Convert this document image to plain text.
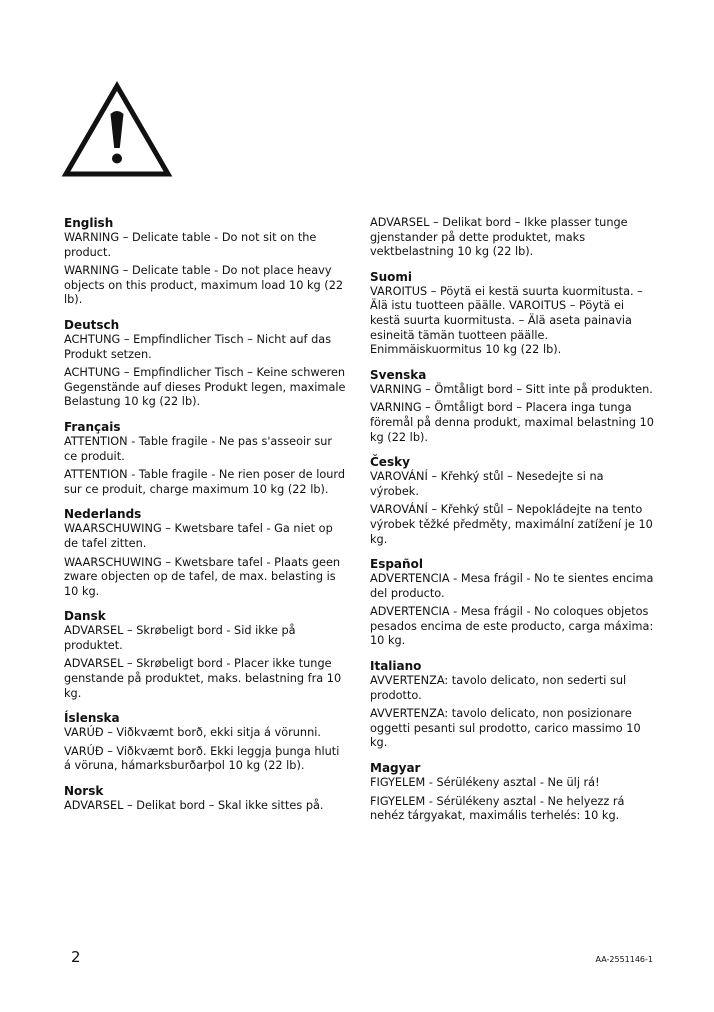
English

WARNING – Delicate table - Do not sit on the product.

WARNING – Delicate table - Do not place heavy objects on this product, maximum load 10 kg (22 lb).

Deutsch

ACHTUNG – Empfindlicher Tisch – Nicht auf das Produkt setzen.

ACHTUNG – Empfindlicher Tisch – Keine schweren Gegenstände auf dieses Produkt legen, maximale Belastung 10 kg (22 lb).

Français

ATTENTION - Table fragile - Ne pas s'asseoir sur ce produit.

ATTENTION - Table fragile - Ne rien poser de lourd sur ce produit, charge maximum 10 kg (22 lb).

Nederlands

WAARSCHUWING – Kwetsbare tafel - Ga niet op de tafel zitten.

WAARSCHUWING – Kwetsbare tafel - Plaats geen zware objecten op de tafel, de max. belasting is 10 kg.

Dansk

ADVARSEL – Skrøbeligt bord - Sid ikke på produktet.

ADVARSEL – Skrøbeligt bord - Placer ikke tunge genstande på produktet, maks. belastning fra 10 kg.

Íslenska

VARÚÐ – Viðkvæmt borð, ekki sitja á vörunni.

VARÚÐ – Viðkvæmt borð. Ekki leggja þunga hluti á vöruna, hámarksburðarþol 10 kg (22 lb).

Norsk

ADVARSEL – Delikat bord – Skal ikke sittes på.

ADVARSEL – Delikat bord – Ikke plasser tunge gjenstander på dette produktet, maks vektbelastning 10 kg (22 lb).

Suomi

VAROITUS – Pöytä ei kestä suurta kuormitusta. – Älä istu tuotteen päälle. VAROITUS – Pöytä ei kestä suurta kuormitusta. – Älä aseta painavia esineitä tämän tuotteen päälle. Enimmäiskuormitus 10 kg (22 lb).

Svenska

VARNING – Ömtåligt bord – Sitt inte på produkten.

VARNING – Ömtåligt bord – Placera inga tunga föremål på denna produkt, maximal belastning 10 kg (22 lb).

Česky

VAROVÁNÍ – Křehký stůl – Nesedejte si na výrobek.

VAROVÁNÍ – Křehký stůl – Nepokládejte na tento výrobek těžké předměty, maximální zatížení je 10 kg.

Español

ADVERTENCIA - Mesa frágil - No te sientes encima del producto.

ADVERTENCIA - Mesa frágil - No coloques objetos pesados encima de este producto, carga máxima: 10 kg.

Italiano

AVVERTENZA: tavolo delicato, non sederti sul prodotto.

AVVERTENZA: tavolo delicato, non posizionare oggetti pesanti sul prodotto, carico massimo 10 kg.

Magyar

FIGYELEM - Sérülékeny asztal - Ne ülj rá!

FIGYELEM - Sérülékeny asztal - Ne helyezz rá nehéz tárgyakat, maximális terhelés: 10 kg.

2	AA-2551146-1
